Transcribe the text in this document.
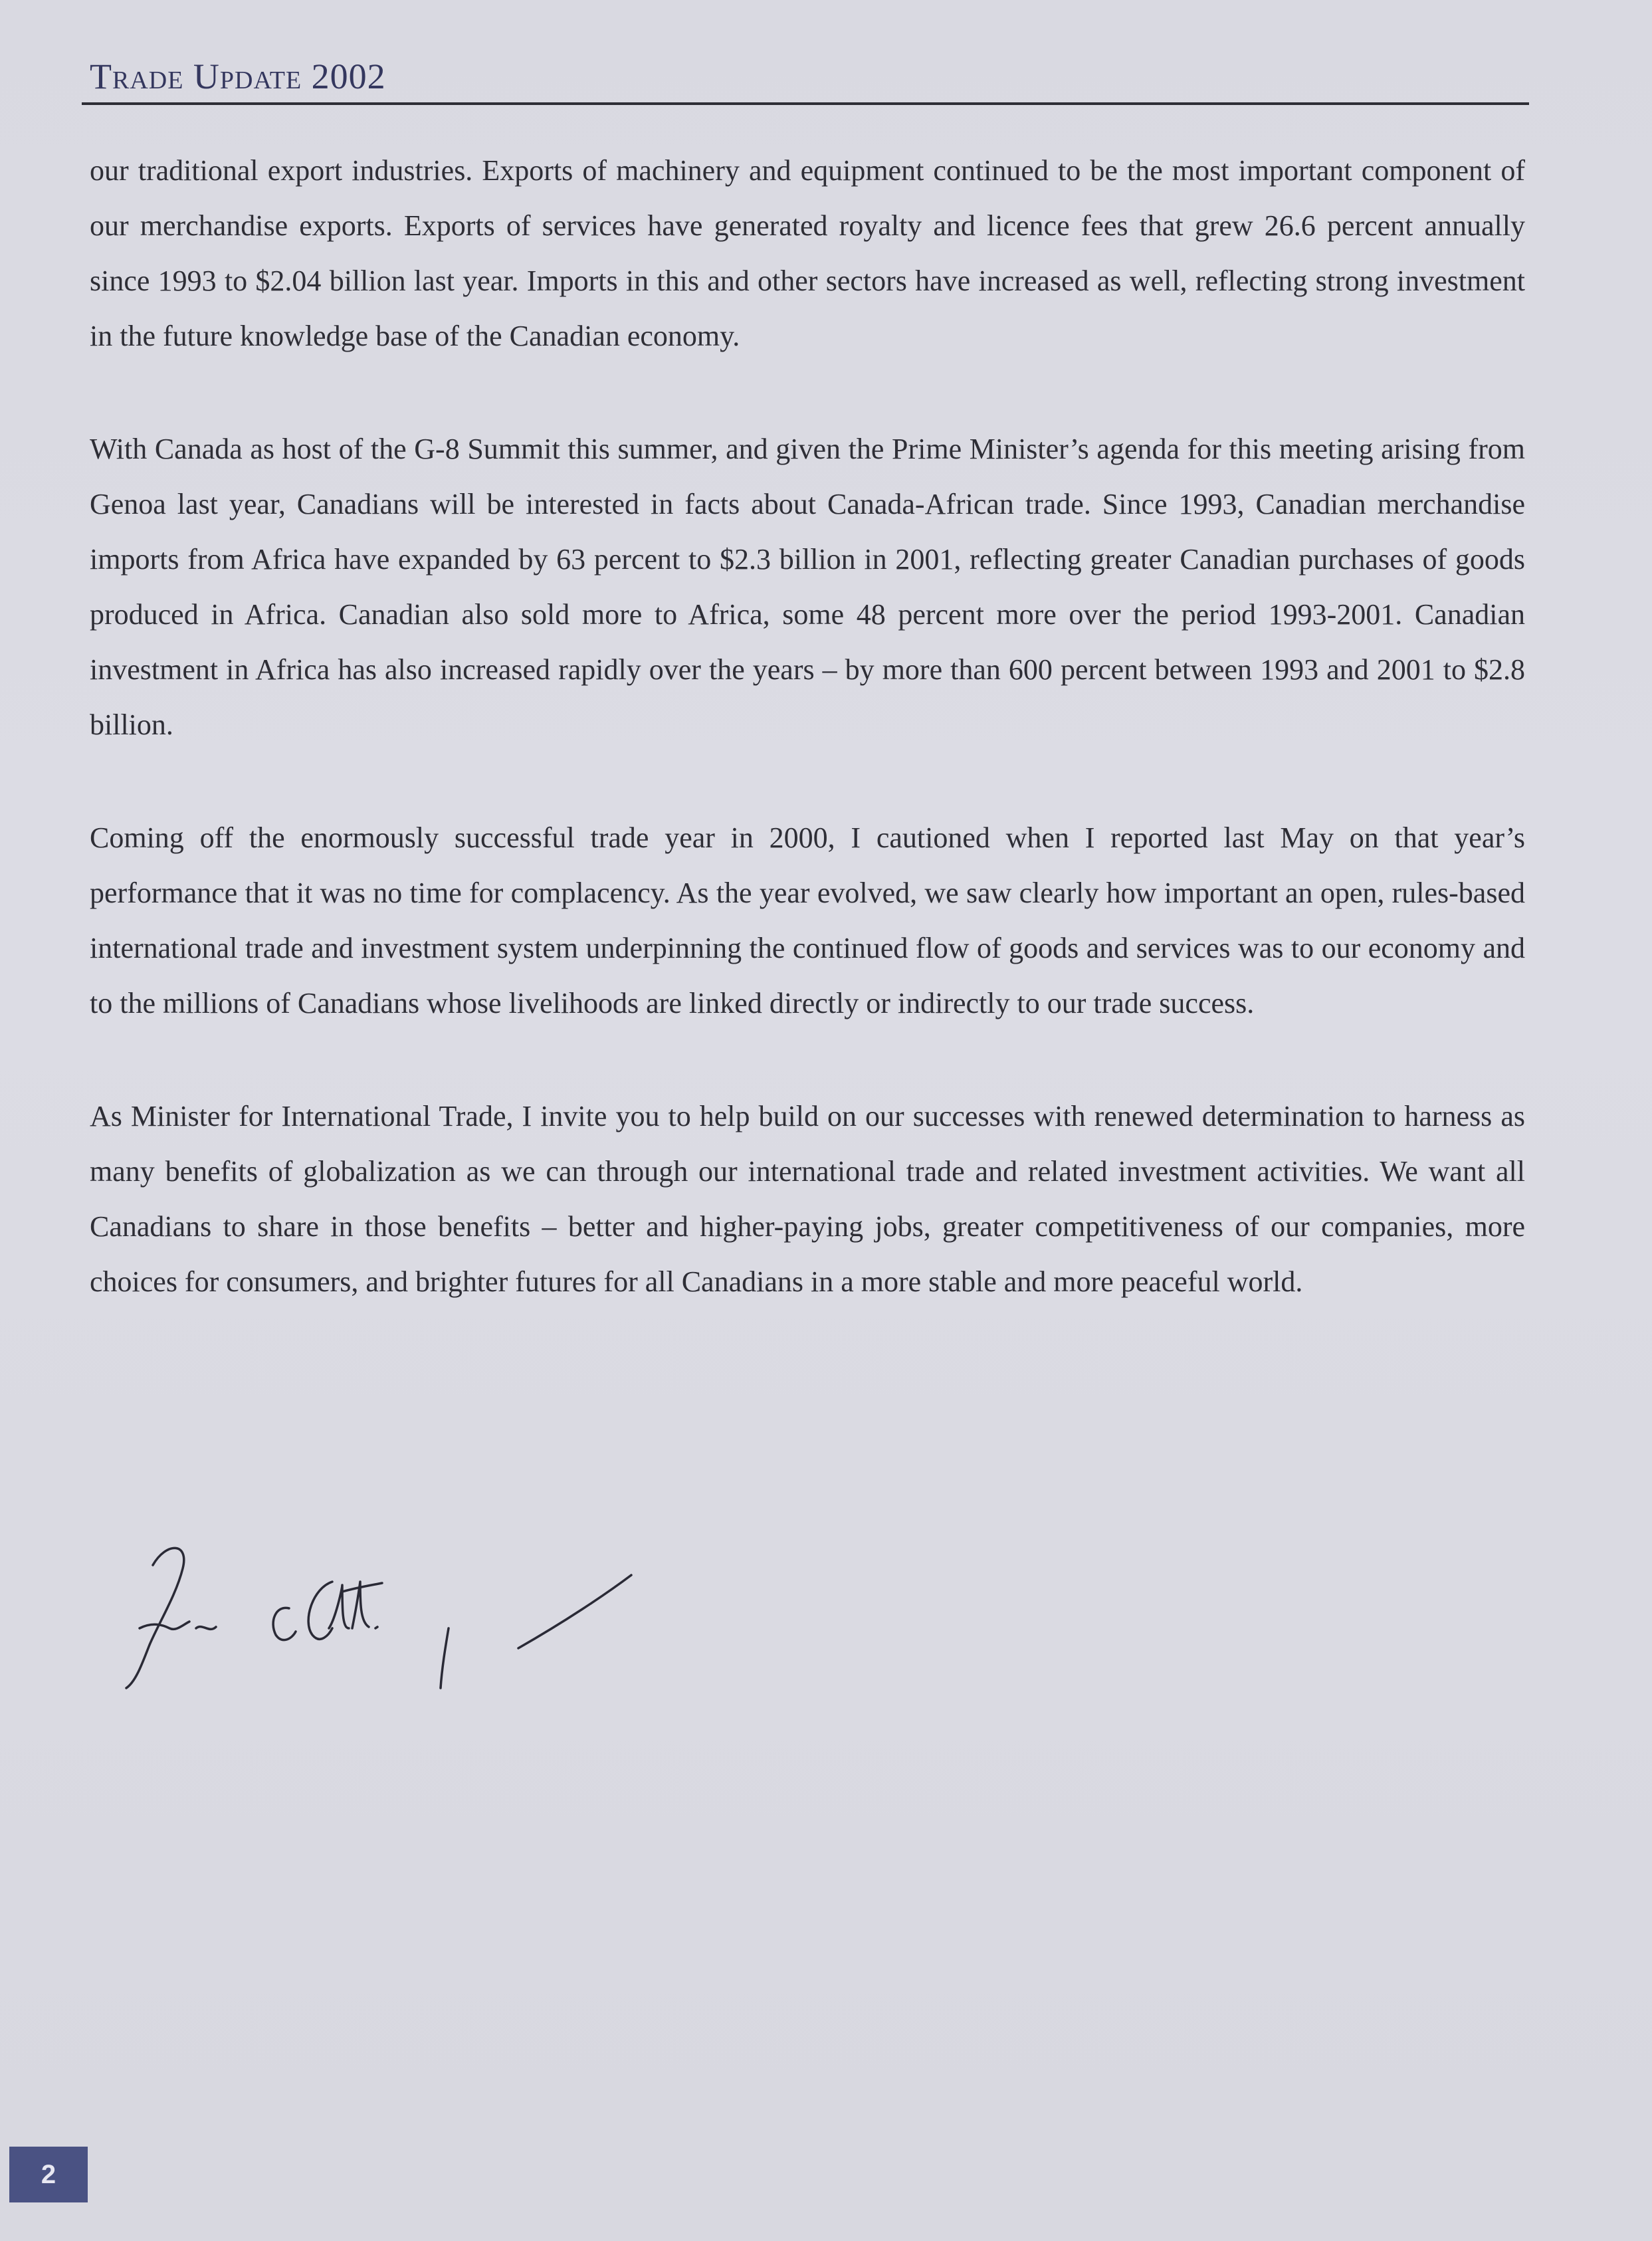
Trade Update 2002

our traditional export industries. Exports of machinery and equipment continued to be the most important component of our merchandise exports. Exports of services have generated royalty and licence fees that grew 26.6 percent annually since 1993 to $2.04 billion last year. Imports in this and other sectors have increased as well, reflecting strong investment in the future knowledge base of the Canadian economy.

With Canada as host of the G-8 Summit this summer, and given the Prime Minister’s agenda for this meeting arising from Genoa last year, Canadians will be interested in facts about Canada-African trade. Since 1993, Canadian merchandise imports from Africa have expanded by 63 percent to $2.3 billion in 2001, reflecting greater Canadian purchases of goods produced in Africa. Canadian also sold more to Africa, some 48 percent more over the period 1993-2001. Canadian investment in Africa has also increased rapidly over the years – by more than 600 percent between 1993 and 2001 to $2.8 billion.

Coming off the enormously successful trade year in 2000, I cautioned when I reported last May on that year’s performance that it was no time for complacency. As the year evolved, we saw clearly how important an open, rules-based international trade and investment system underpinning the continued flow of goods and services was to our economy and to the millions of Canadians whose livelihoods are linked directly or indirectly to our trade success.

As Minister for International Trade, I invite you to help build on our successes with renewed determination to harness as many benefits of globalization as we can through our international trade and related investment activities. We want all Canadians to share in those benefits – better and higher-paying jobs, greater competitiveness of our companies, more choices for consumers, and brighter futures for all Canadians in a more stable and more peaceful world.

2
